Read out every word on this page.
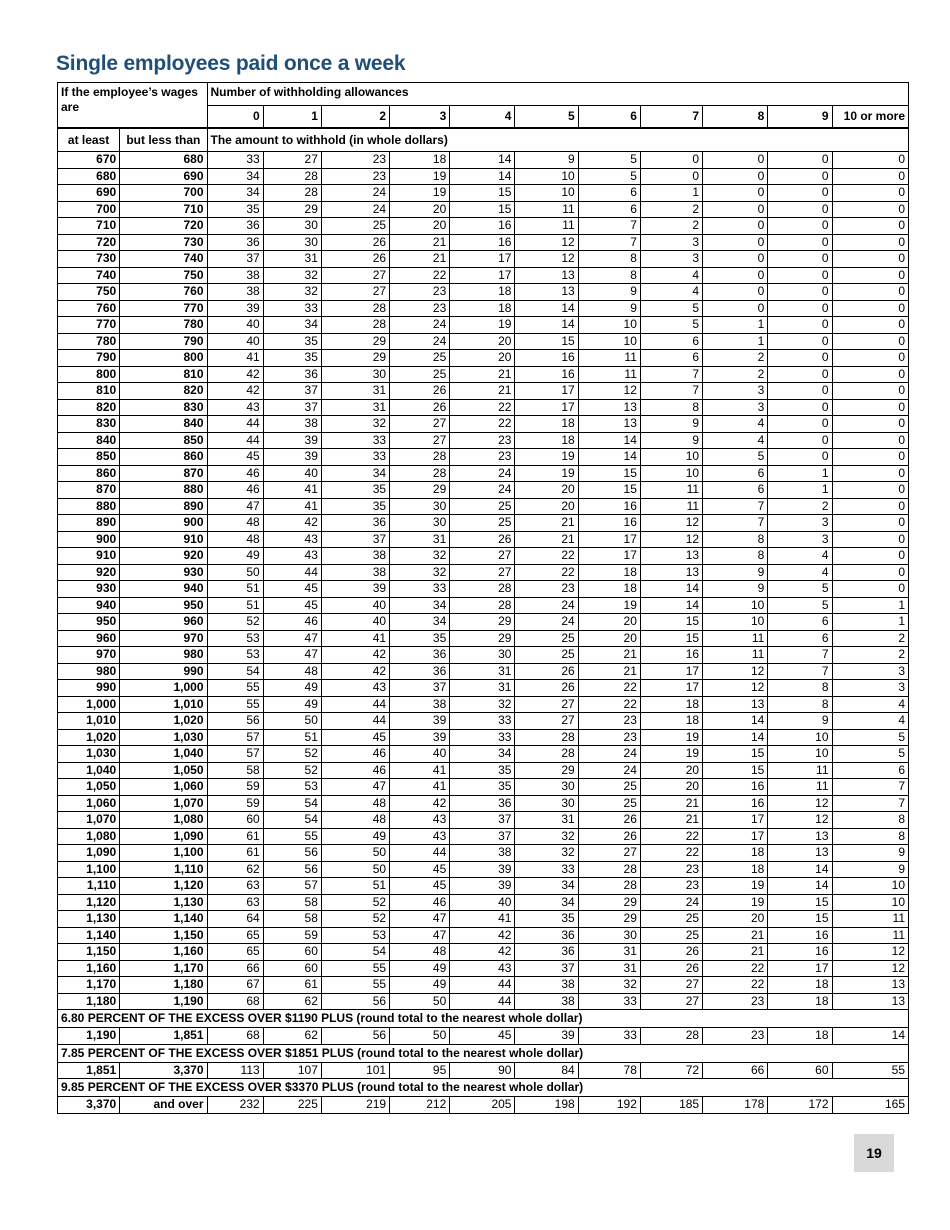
Single employees paid once a week
If the employee’s wages are		Number of withholding allowances										
		0	1	2	3	4	5	6	7	8	9	10 or more
at least	but less than	The amount to withhold (in whole dollars)										
670	680	33	27	23	18	14	9	5	0	0	0	0
680	690	34	28	23	19	14	10	5	0	0	0	0
690	700	34	28	24	19	15	10	6	1	0	0	0
700	710	35	29	24	20	15	11	6	2	0	0	0
710	720	36	30	25	20	16	11	7	2	0	0	0
720	730	36	30	26	21	16	12	7	3	0	0	0
730	740	37	31	26	21	17	12	8	3	0	0	0
740	750	38	32	27	22	17	13	8	4	0	0	0
750	760	38	32	27	23	18	13	9	4	0	0	0
760	770	39	33	28	23	18	14	9	5	0	0	0
770	780	40	34	28	24	19	14	10	5	1	0	0
780	790	40	35	29	24	20	15	10	6	1	0	0
790	800	41	35	29	25	20	16	11	6	2	0	0
800	810	42	36	30	25	21	16	11	7	2	0	0
810	820	42	37	31	26	21	17	12	7	3	0	0
820	830	43	37	31	26	22	17	13	8	3	0	0
830	840	44	38	32	27	22	18	13	9	4	0	0
840	850	44	39	33	27	23	18	14	9	4	0	0
850	860	45	39	33	28	23	19	14	10	5	0	0
860	870	46	40	34	28	24	19	15	10	6	1	0
870	880	46	41	35	29	24	20	15	11	6	1	0
880	890	47	41	35	30	25	20	16	11	7	2	0
890	900	48	42	36	30	25	21	16	12	7	3	0
900	910	48	43	37	31	26	21	17	12	8	3	0
910	920	49	43	38	32	27	22	17	13	8	4	0
920	930	50	44	38	32	27	22	18	13	9	4	0
930	940	51	45	39	33	28	23	18	14	9	5	0
940	950	51	45	40	34	28	24	19	14	10	5	1
950	960	52	46	40	34	29	24	20	15	10	6	1
960	970	53	47	41	35	29	25	20	15	11	6	2
970	980	53	47	42	36	30	25	21	16	11	7	2
980	990	54	48	42	36	31	26	21	17	12	7	3
990	1,000	55	49	43	37	31	26	22	17	12	8	3
1,000	1,010	55	49	44	38	32	27	22	18	13	8	4
1,010	1,020	56	50	44	39	33	27	23	18	14	9	4
1,020	1,030	57	51	45	39	33	28	23	19	14	10	5
1,030	1,040	57	52	46	40	34	28	24	19	15	10	5
1,040	1,050	58	52	46	41	35	29	24	20	15	11	6
1,050	1,060	59	53	47	41	35	30	25	20	16	11	7
1,060	1,070	59	54	48	42	36	30	25	21	16	12	7
1,070	1,080	60	54	48	43	37	31	26	21	17	12	8
1,080	1,090	61	55	49	43	37	32	26	22	17	13	8
1,090	1,100	61	56	50	44	38	32	27	22	18	13	9
1,100	1,110	62	56	50	45	39	33	28	23	18	14	9
1,110	1,120	63	57	51	45	39	34	28	23	19	14	10
1,120	1,130	63	58	52	46	40	34	29	24	19	15	10
1,130	1,140	64	58	52	47	41	35	29	25	20	15	11
1,140	1,150	65	59	53	47	42	36	30	25	21	16	11
1,150	1,160	65	60	54	48	42	36	31	26	21	16	12
1,160	1,170	66	60	55	49	43	37	31	26	22	17	12
1,170	1,180	67	61	55	49	44	38	32	27	22	18	13
1,180	1,190	68	62	56	50	44	38	33	27	23	18	13
6.80 PERCENT OF THE EXCESS OVER $1190 PLUS (round total to the nearest whole dollar)												
1,190	1,851	68	62	56	50	45	39	33	28	23	18	14
7.85 PERCENT OF THE EXCESS OVER $1851 PLUS (round total to the nearest whole dollar)												
1,851	3,370	113	107	101	95	90	84	78	72	66	60	55
9.85 PERCENT OF THE EXCESS OVER $3370 PLUS (round total to the nearest whole dollar)												
3,370	and over	232	225	219	212	205	198	192	185	178	172	165
19
